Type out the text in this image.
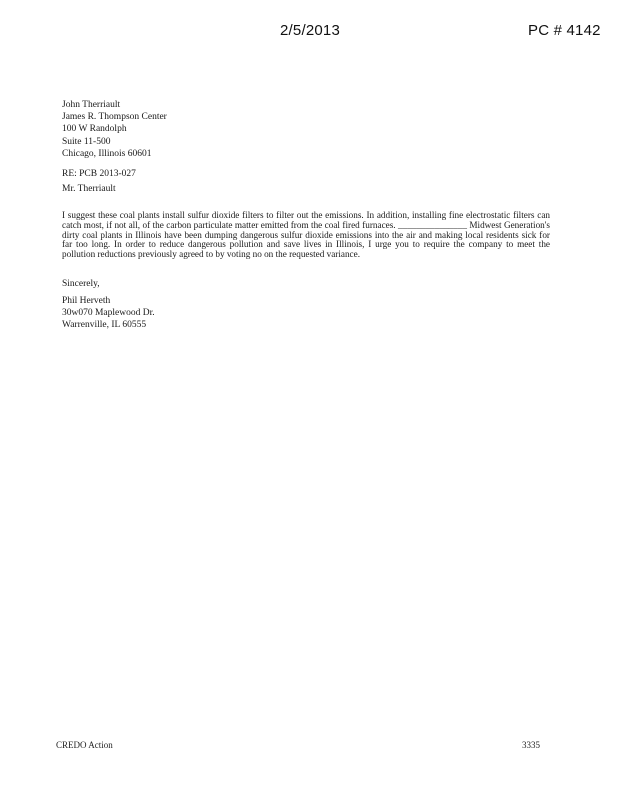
2/5/2013	PC # 4142
John Therriault
James R. Thompson Center
100 W Randolph
Suite 11-500
Chicago, Illinois 60601
RE: PCB 2013-027
Mr. Therriault
I suggest these coal plants install sulfur dioxide filters to filter out the emissions. In addition, installing fine electrostatic filters can catch most, if not all, of the carbon particulate matter emitted from the coal fired furnaces. _______________ Midwest Generation's dirty coal plants in Illinois have been dumping dangerous sulfur dioxide emissions into the air and making local residents sick for far too long. In order to reduce dangerous pollution and save lives in Illinois, I urge you to require the company to meet the pollution reductions previously agreed to by voting no on the requested variance.
Sincerely,
Phil Herveth
30w070 Maplewood Dr.
Warrenville, IL 60555
CREDO Action	3335
